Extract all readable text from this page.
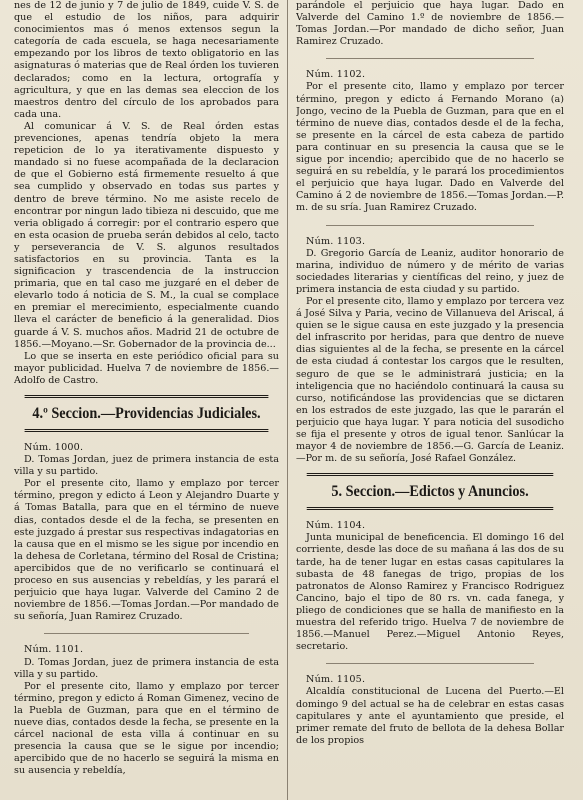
nes de 12 de junio y 7 de julio de 1849, cuide V. S. de que el estudio de los niños, para adquirir conocimientos mas ó menos extensos segun la categoría de cada escuela, se haga necesariamente empezando por los libros de texto obligatorio en las asignaturas ó materias que de Real órden los tuvieren declarados; como en la lectura, ortografía y agricultura, y que en las demas sea eleccion de los maestros dentro del círculo de los aprobados para cada una.

Al comunicar á V. S. de Real órden estas prevenciones, apenas tendría objeto la mera repeticion de lo ya iterativamente dispuesto y mandado si no fuese acompañada de la declaracion de que el Gobierno está firmemente resuelto á que sea cumplido y observado en todas sus partes y dentro de breve término. No me asiste recelo de encontrar por ningun lado tibieza ni descuido, que me veria obligado á corregir: por el contrario espero que en esta ocasion de prueba serán debidos al celo, tacto y perseverancia de V. S. algunos resultados satisfactorios en su provincia. Tanta es la significacion y trascendencia de la instruccion primaria, que en tal caso me juzgaré en el deber de elevarlo todo á noticia de S. M., la cual se complace en premiar el merecimiento, especialmente cuando lleva el carácter de beneficio á la generalidad. Dios guarde á V. S. muchos años. Madrid 21 de octubre de 1856.—Moyano.—Sr. Gobernador de la provincia de...

Lo que se inserta en este periódico oficial para su mayor publicidad. Huelva 7 de noviembre de 1856.—Adolfo de Castro.

4.º Seccion.—Providencias Judiciales.

Núm. 1000.

D. Tomas Jordan, juez de primera instancia de esta villa y su partido.

Por el presente cito, llamo y emplazo por tercer término, pregon y edicto á Leon y Alejandro Duarte y á Tomas Batalla, para que en el término de nueve dias, contados desde el de la fecha, se presenten en este juzgado á prestar sus respectivas indagatorias en la causa que en el mismo se les sigue por incendio en la dehesa de Corletana, término del Rosal de Cristina; apercibidos que de no verificarlo se continuará el proceso en sus ausencias y rebeldías, y les parará el perjuicio que haya lugar. Valverde del Camino 2 de noviembre de 1856.—Tomas Jordan.—Por mandado de su señoría, Juan Ramirez Cruzado.

Núm. 1101.

D. Tomas Jordan, juez de primera instancia de esta villa y su partido.

Por el presente cito, llamo y emplazo por tercer término, pregon y edicto á Roman Gimenez, vecino de la Puebla de Guzman, para que en el término de nueve dias, contados desde la fecha, se presente en la cárcel nacional de esta villa á continuar en su presencia la causa que se le sigue por incendio; apercibido que de no hacerlo se seguirá la misma en su ausencia y rebeldía,

parándole el perjuicio que haya lugar. Dado en Valverde del Camino 1.º de noviembre de 1856.—Tomas Jordan.—Por mandado de dicho señor, Juan Ramirez Cruzado.

Núm. 1102.

Por el presente cito, llamo y emplazo por tercer término, pregon y edicto á Fernando Morano (a) Jongo, vecino de la Puebla de Guzman, para que en el término de nueve dias, contados desde el de la fecha, se presente en la cárcel de esta cabeza de partido para continuar en su presencia la causa que se le sigue por incendio; apercibido que de no hacerlo se seguirá en su rebeldía, y le parará los procedimientos el perjuicio que haya lugar. Dado en Valverde del Camino á 2 de noviembre de 1856.—Tomas Jordan.—P. m. de su sría. Juan Ramirez Cruzado.

Núm. 1103.

D. Gregorio García de Leaniz, auditor honorario de marina, individuo de número y de mérito de varias sociedades literarias y científicas del reino, y juez de primera instancia de esta ciudad y su partido.

Por el presente cito, llamo y emplazo por tercera vez á José Silva y Paria, vecino de Villanueva del Ariscal, á quien se le sigue causa en este juzgado y la presencia del infrascrito por heridas, para que dentro de nueve dias siguientes al de la fecha, se presente en la cárcel de esta ciudad á contestar los cargos que le resulten, seguro de que se le administrará justicia; en la inteligencia que no haciéndolo continuará la causa su curso, notificándose las providencias que se dictaren en los estrados de este juzgado, las que le pararán el perjuicio que haya lugar. Y para noticia del susodicho se fija el presente y otros de igual tenor. Sanlúcar la mayor 4 de noviembre de 1856.—G. García de Leaniz.—Por m. de su señoría, José Rafael González.

5. Seccion.—Edictos y Anuncios.

Núm. 1104.

Junta municipal de beneficencia. El domingo 16 del corriente, desde las doce de su mañana á las dos de su tarde, ha de tener lugar en estas casas capitulares la subasta de 48 fanegas de trigo, propias de los patronatos de Alonso Ramirez y Francisco Rodriguez Cancino, bajo el tipo de 80 rs. vn. cada fanega, y pliego de condiciones que se halla de manifiesto en la muestra del referido trigo. Huelva 7 de noviembre de 1856.—Manuel Perez.—Miguel Antonio Reyes, secretario.

Núm. 1105.

Alcaldía constitucional de Lucena del Puerto.—El domingo 9 del actual se ha de celebrar en estas casas capitulares y ante el ayuntamiento que preside, el primer remate del fruto de bellota de la dehesa Bollar de los propios
